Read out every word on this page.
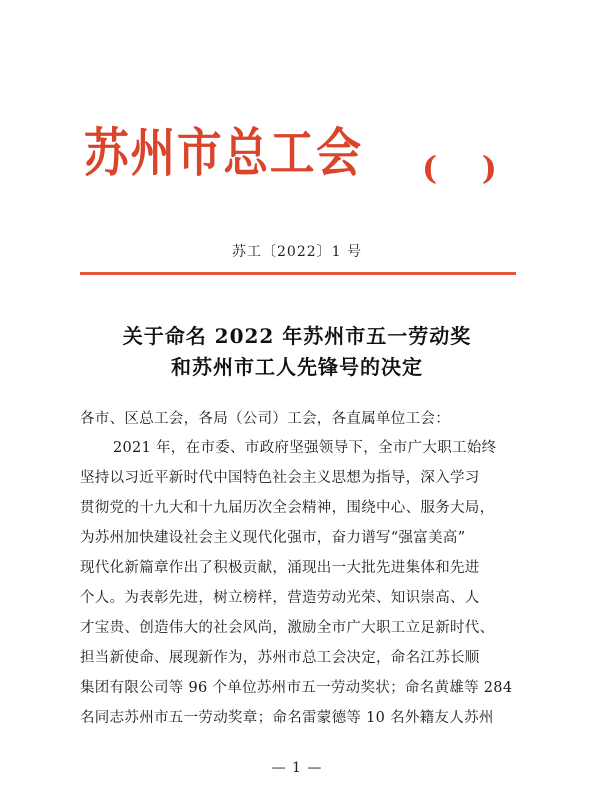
苏州市总工会 (    )
苏工〔2022〕1 号
关于命名 2022 年苏州市五一劳动奖
和苏州市工人先锋号的决定
各市、区总工会，各局（公司）工会，各直属单位工会：
2021 年，在市委、市政府坚强领导下，全市广大职工始终
坚持以习近平新时代中国特色社会主义思想为指导，深入学习
贯彻党的十九大和十九届历次全会精神，围绕中心、服务大局，
为苏州加快建设社会主义现代化强市，奋力谱写“强富美高”
现代化新篇章作出了积极贡献，涌现出一大批先进集体和先进
个人。为表彰先进，树立榜样，营造劳动光荣、知识崇高、人
才宝贵、创造伟大的社会风尚，激励全市广大职工立足新时代、
担当新使命、展现新作为，苏州市总工会决定，命名江苏长顺
集团有限公司等 96 个单位苏州市五一劳动奖状；命名黄雄等 284
名同志苏州市五一劳动奖章；命名雷蒙德等 10 名外籍友人苏州
— 1 —
